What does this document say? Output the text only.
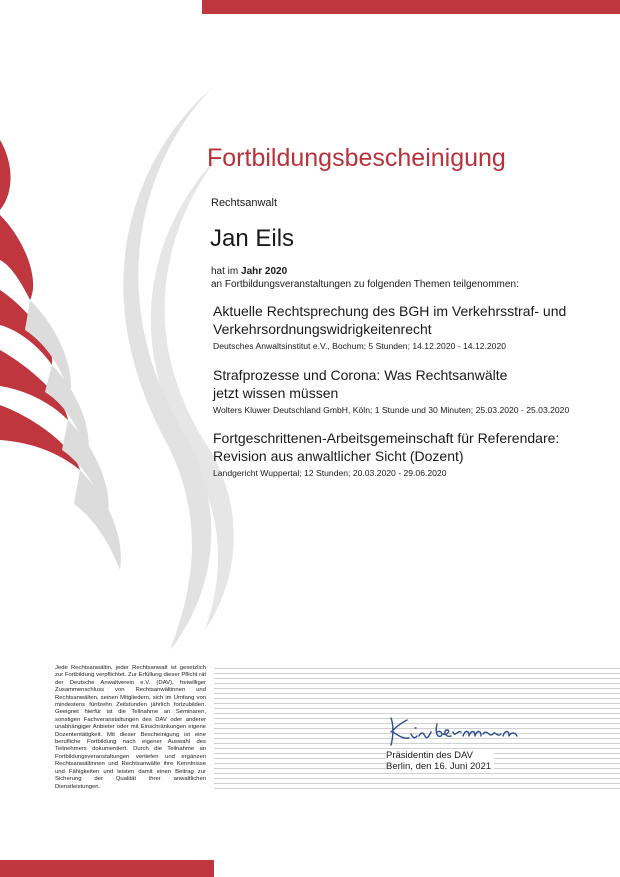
Fortbildungsbescheinigung
Rechtsanwalt
Jan Eils
hat im Jahr 2020
an Fortbildungsveranstaltungen zu folgenden Themen teilgenommen:
Aktuelle Rechtsprechung des BGH im Verkehrsstraf- und Verkehrsordnungswidrigkeitenrecht
Deutsches Anwaltsinstitut e.V., Bochum; 5 Stunden; 14.12.2020 - 14.12.2020
Strafprozesse und Corona: Was Rechtsanwälte jetzt wissen müssen
Wolters Kluwer Deutschland GmbH, Köln; 1 Stunde und 30 Minuten; 25.03.2020 - 25.03.2020
Fortgeschrittenen-Arbeitsgemeinschaft für Referendare: Revision aus anwaltlicher Sicht (Dozent)
Landgericht Wuppertal; 12 Stunden; 20.03.2020 - 29.06.2020
Jede Rechtsanwältin, jeder Rechtsanwalt ist gesetzlich zur Fortbildung verpflichtet. Zur Erfüllung dieser Pflicht rät der Deutsche Anwaltverein e.V. (DAV), freiwilliger Zusammenschluss von Rechtsanwältinnen und Rechtsanwälten, seinen Mitgliedern, sich im Umfang von mindestens fünfzehn Zeitstunden jährlich fortzubilden. Geeignet hierfür ist die Teilnahme an Seminaren, sonstigen Fachveranstaltungen des DAV oder anderer unabhängiger Anbieter oder mit Einschränkungen eigene Dozententätigkeit. Mit dieser Bescheinigung ist eine berufliche Fortbildung nach eigener Auswahl des Teilnehmers dokumentiert. Durch die Teilnahme an Fortbildungsveranstaltungen vertiefen und ergänzen Rechtsanwältinnen und Rechtsanwälte ihre Kenntnisse und Fähigkeiten und leisten damit einen Beitrag zur Sicherung der Qualität ihrer anwaltlichen Dienstleistungen.
Präsidentin des DAV
Berlin, den 16. Juni 2021
